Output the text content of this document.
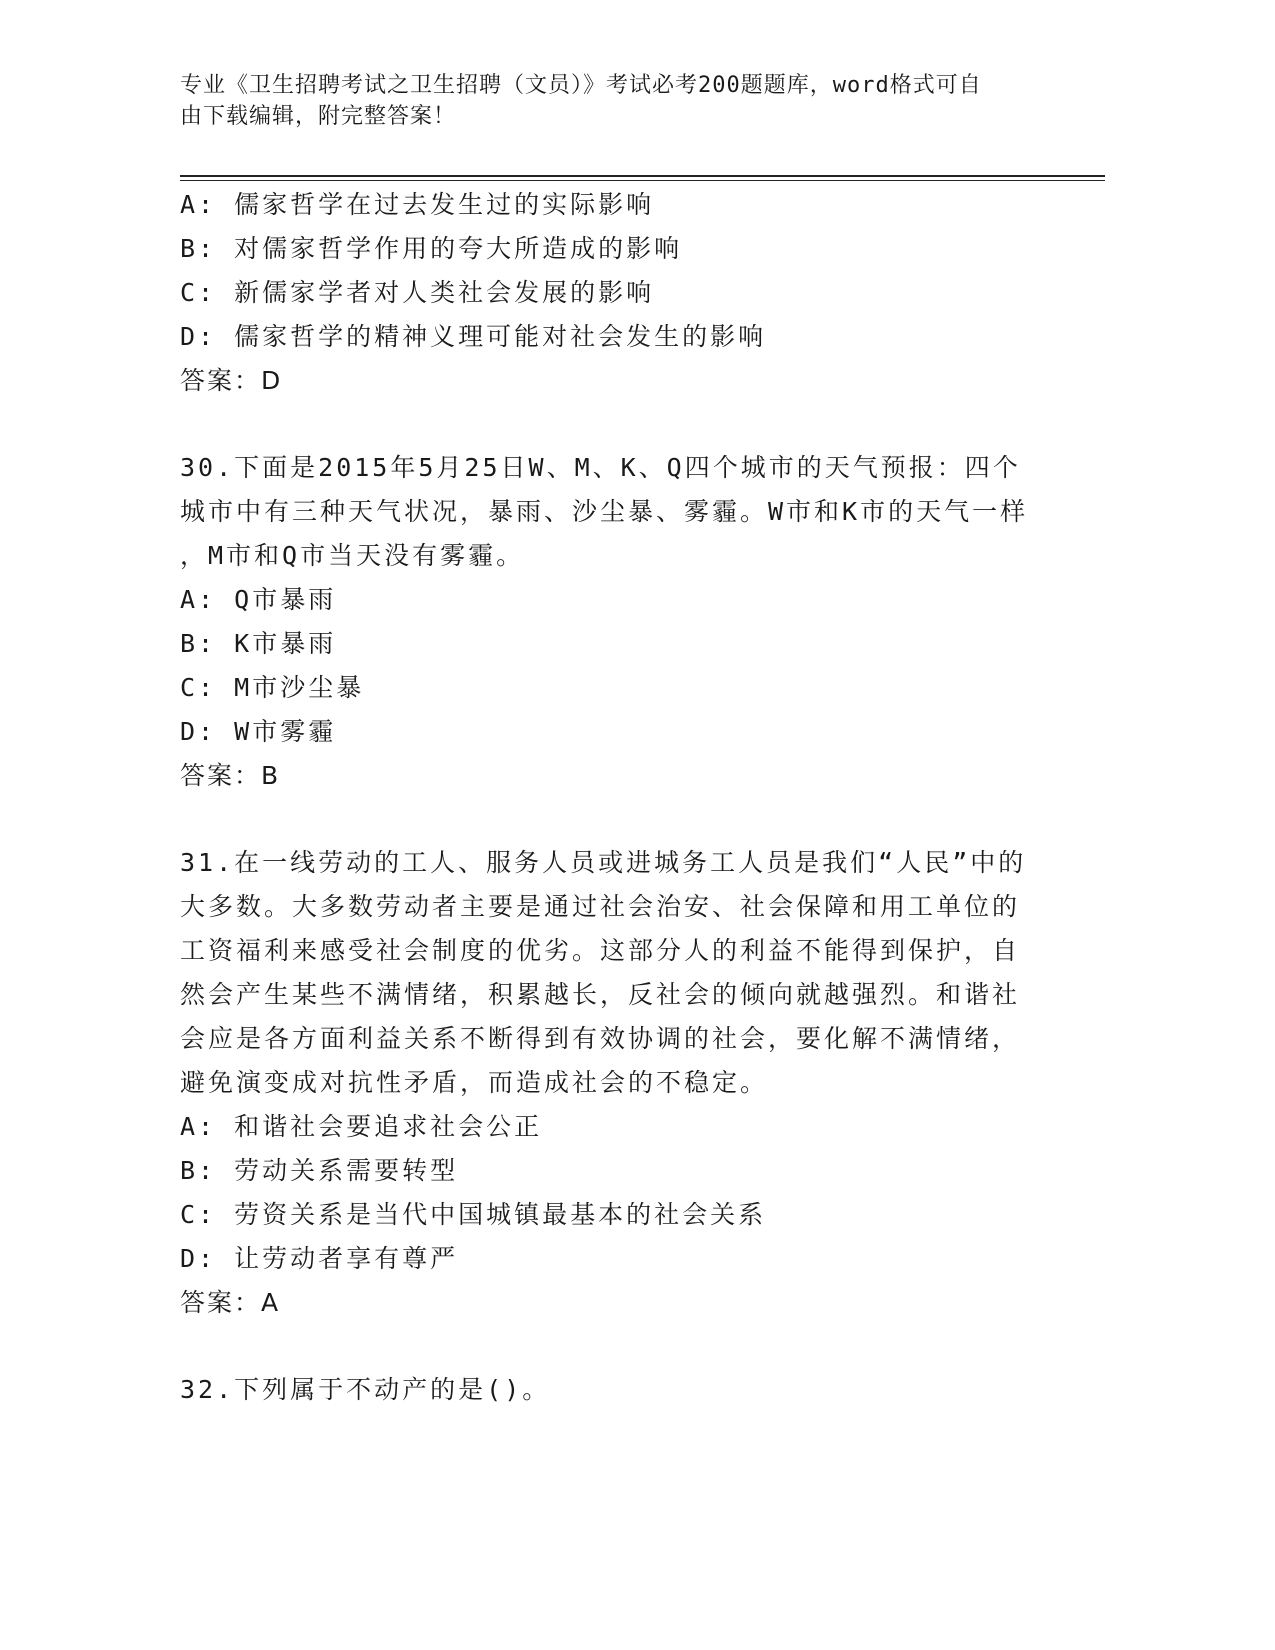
专业《卫生招聘考试之卫生招聘（文员）》考试必考200题题库，word格式可自
由下载编辑，附完整答案！
A: 儒家哲学在过去发生过的实际影响
B: 对儒家哲学作用的夸大所造成的影响
C: 新儒家学者对人类社会发展的影响
D: 儒家哲学的精神义理可能对社会发生的影响
答案：D
30.下面是2015年5月25日W、M、K、Q四个城市的天气预报：四个
城市中有三种天气状况，暴雨、沙尘暴、雾霾。W市和K市的天气一样
，M市和Q市当天没有雾霾。
A: Q市暴雨
B: K市暴雨
C: M市沙尘暴
D: W市雾霾
答案：B
31.在一线劳动的工人、服务人员或进城务工人员是我们“人民”中的
大多数。大多数劳动者主要是通过社会治安、社会保障和用工单位的
工资福利来感受社会制度的优劣。这部分人的利益不能得到保护，自
然会产生某些不满情绪，积累越长，反社会的倾向就越强烈。和谐社
会应是各方面利益关系不断得到有效协调的社会，要化解不满情绪，
避免演变成对抗性矛盾，而造成社会的不稳定。
A: 和谐社会要追求社会公正
B: 劳动关系需要转型
C: 劳资关系是当代中国城镇最基本的社会关系
D: 让劳动者享有尊严
答案：A
32.下列属于不动产的是()。
